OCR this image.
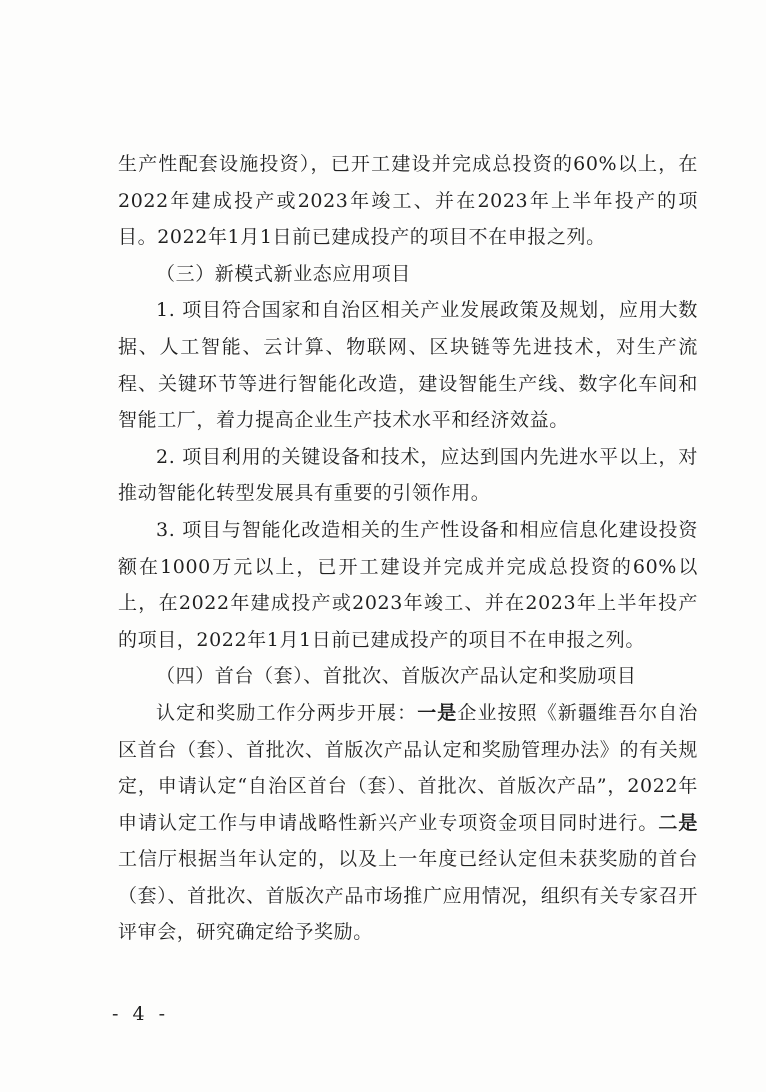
生产性配套设施投资），已开工建设并完成总投资的60%以上，在2022年建成投产或2023年竣工、并在2023年上半年投产的项目。2022年1月1日前已建成投产的项目不在申报之列。

（三）新模式新业态应用项目

1. 项目符合国家和自治区相关产业发展政策及规划，应用大数据、人工智能、云计算、物联网、区块链等先进技术，对生产流程、关键环节等进行智能化改造，建设智能生产线、数字化车间和智能工厂，着力提高企业生产技术水平和经济效益。

2. 项目利用的关键设备和技术，应达到国内先进水平以上，对推动智能化转型发展具有重要的引领作用。

3. 项目与智能化改造相关的生产性设备和相应信息化建设投资额在1000万元以上，已开工建设并完成并完成总投资的60%以上，在2022年建成投产或2023年竣工、并在2023年上半年投产的项目，2022年1月1日前已建成投产的项目不在申报之列。

（四）首台（套）、首批次、首版次产品认定和奖励项目

认定和奖励工作分两步开展：一是企业按照《新疆维吾尔自治区首台（套）、首批次、首版次产品认定和奖励管理办法》的有关规定，申请认定“自治区首台（套）、首批次、首版次产品”，2022年申请认定工作与申请战略性新兴产业专项资金项目同时进行。二是工信厅根据当年认定的，以及上一年度已经认定但未获奖励的首台（套）、首批次、首版次产品市场推广应用情况，组织有关专家召开评审会，研究确定给予奖励。

- 4 -
